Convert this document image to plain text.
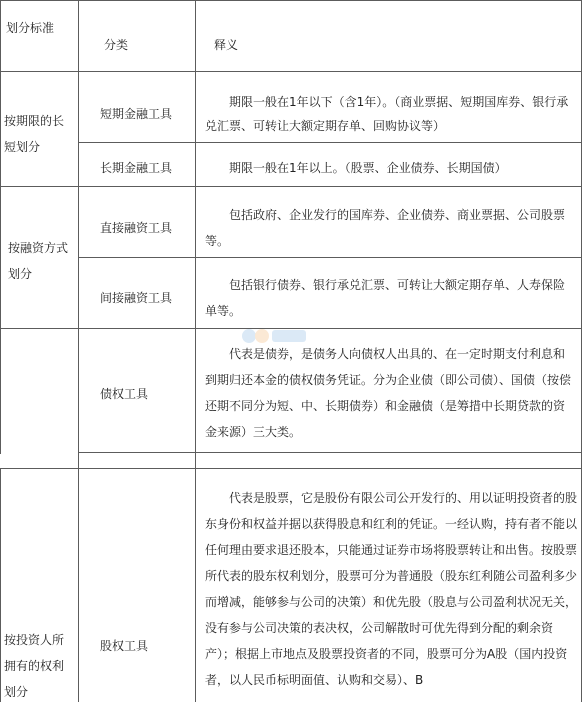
划分标准
分类	释义
按期限的长短划分
短期金融工具
期限一般在1年以下（含1年）。（商业票据、短期国库券、银行承兑汇票、可转让大额定期存单、回购协议等）
长期金融工具	期限一般在1年以上。（股票、企业债券、长期国债）
按融资方式划分
直接融资工具
包括政府、企业发行的国库券、企业债券、商业票据、公司股票等。
间接融资工具
包括银行债券、银行承兑汇票、可转让大额定期存单、人寿保险单等。
债权工具
代表是债券，是债务人向债权人出具的、在一定时期支付利息和到期归还本金的债权债务凭证。分为企业债（即公司债）、国债（按偿还期不同分为短、中、长期债券）和金融债（是筹措中长期贷款的资金来源）三大类。
按投资人所拥有的权利划分
股权工具
代表是股票，它是股份有限公司公开发行的、用以证明投资者的股东身份和权益并据以获得股息和红利的凭证。一经认购，持有者不能以任何理由要求退还股本，只能通过证券市场将股票转让和出售。按股票所代表的股东权利划分，股票可分为普通股（股东红利随公司盈利多少而增减，能够参与公司的决策）和优先股（股息与公司盈利状况无关，没有参与公司决策的表决权，公司解散时可优先得到分配的剩余资产）；根据上市地点及股票投资者的不同，股票可分为A股（国内投资者，以人民币标明面值、认购和交易）、B
